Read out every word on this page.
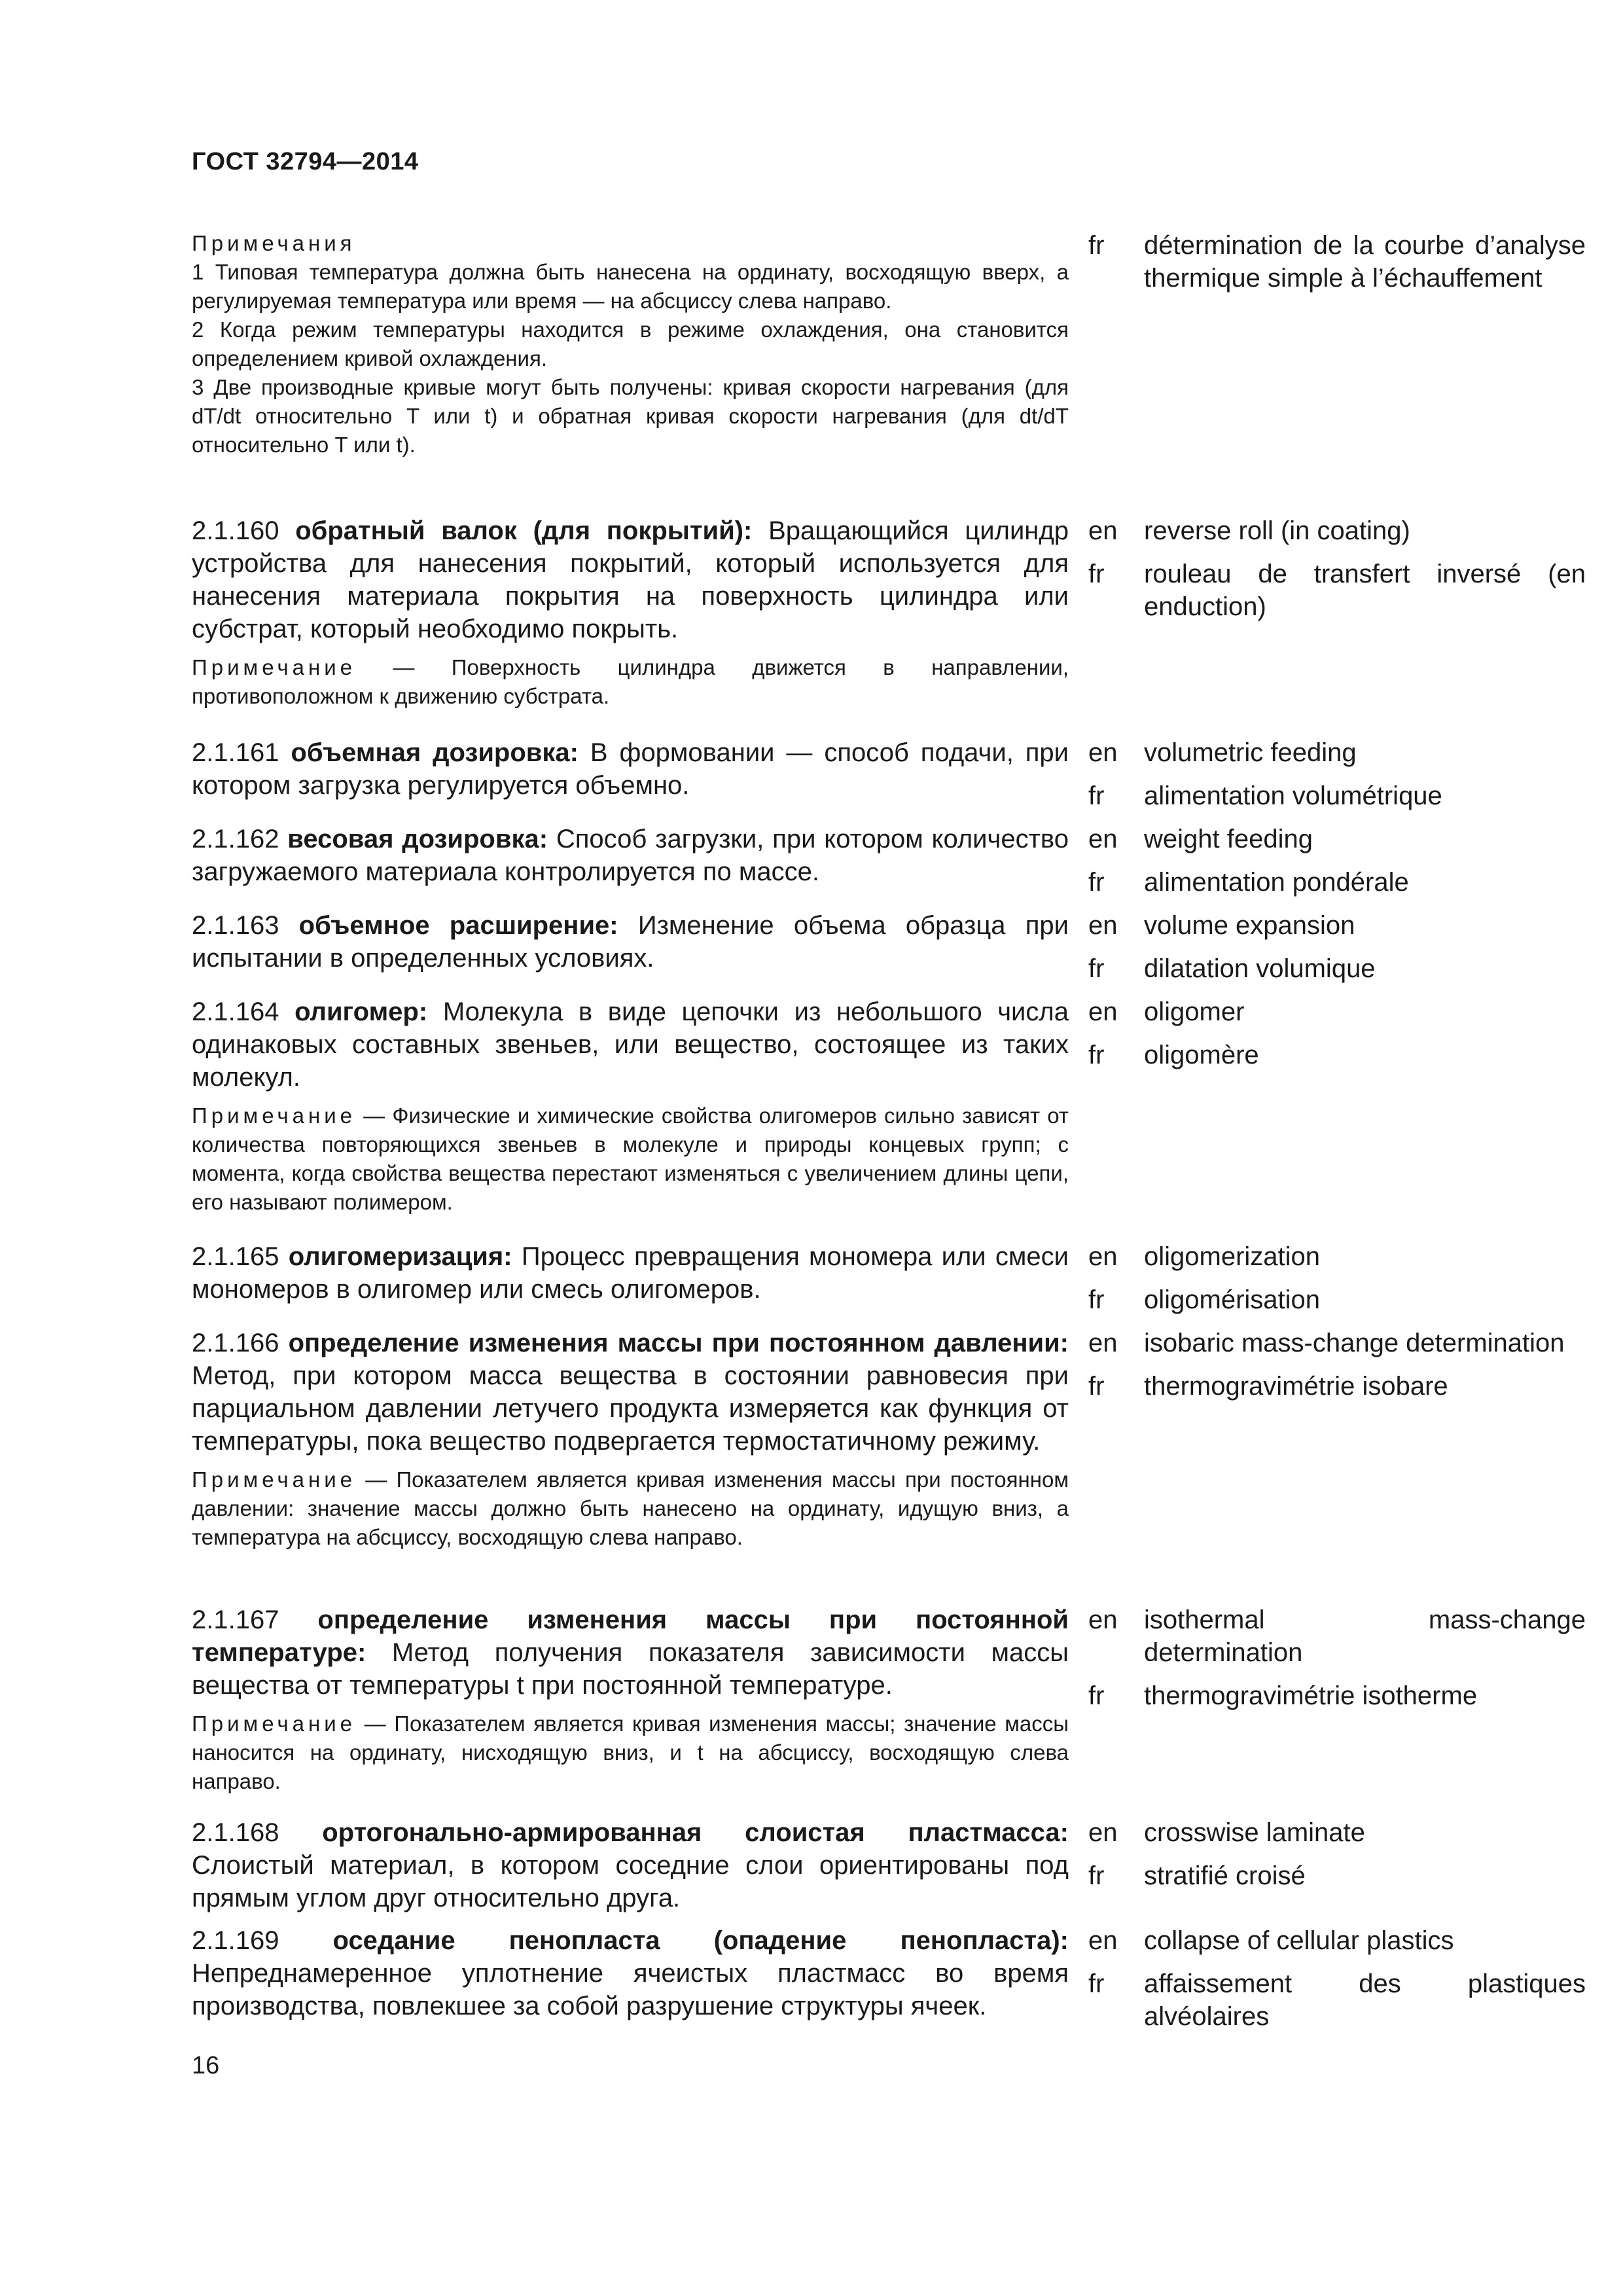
ГОСТ 32794—2014
Примечания
1 Типовая температура должна быть нанесена на ординату, восходящую вверх, а регулируемая температура или время — на абсциссу слева направо.
2 Когда режим температуры находится в режиме охлаждения, она становится определением кривой охлаждения.
3 Две производные кривые могут быть получены: кривая скорости нагревания (для dT/dt относительно T или t) и обратная кривая скорости нагревания (для dt/dT относительно T или t).
fr	détermination de la courbe d’analyse thermique simple à l’échauffement
2.1.160 обратный валок (для покрытий): Вращающийся цилиндр устройства для нанесения покрытий, который используется для нанесения материала покрытия на поверхность цилиндра или субстрат, который необходимо покрыть.
Примечание — Поверхность цилиндра движется в направлении, противоположном к движению субстрата.
en	reverse roll (in coating)
fr	rouleau de transfert inversé (en enduction)
2.1.161 объемная дозировка: В формовании — способ подачи, при котором загрузка регулируется объемно.
en	volumetric feeding
fr	alimentation volumétrique
2.1.162 весовая дозировка: Способ загрузки, при котором количество загружаемого материала контролируется по массе.
en	weight feeding
fr	alimentation pondérale
2.1.163 объемное расширение: Изменение объема образца при испытании в определенных условиях.
en	volume expansion
fr	dilatation volumique
2.1.164 олигомер: Молекула в виде цепочки из небольшого числа одинаковых составных звеньев, или вещество, состоящее из таких молекул.
Примечание — Физические и химические свойства олигомеров сильно зависят от количества повторяющихся звеньев в молекуле и природы концевых групп; с момента, когда свойства вещества перестают изменяться с увеличением длины цепи, его называют полимером.
en	oligomer
fr	oligomère
2.1.165 олигомеризация: Процесс превращения мономера или смеси мономеров в олигомер или смесь олигомеров.
en	oligomerization
fr	oligomérisation
2.1.166 определение изменения массы при постоянном давлении: Метод, при котором масса вещества в состоянии равновесия при парциальном давлении летучего продукта измеряется как функция от температуры, пока вещество подвергается термостатичному режиму.
Примечание — Показателем является кривая изменения массы при постоянном давлении: значение массы должно быть нанесено на ординату, идущую вниз, а температура на абсциссу, восходящую слева направо.
en	isobaric mass-change determination
fr	thermogravimétrie isobare
2.1.167 определение изменения массы при постоянной температуре: Метод получения показателя зависимости массы вещества от температуры t при постоянной температуре.
Примечание — Показателем является кривая изменения массы; значение массы наносится на ординату, нисходящую вниз, и t на абсциссу, восходящую слева направо.
en	isothermal mass-change determination
fr	thermogravimétrie isotherme
2.1.168 ортогонально-армированная слоистая пластмасса: Слоистый материал, в котором соседние слои ориентированы под прямым углом друг относительно друга.
en	crosswise laminate
fr	stratifié croisé
2.1.169 оседание пенопласта (опадение пенопласта): Непреднамеренное уплотнение ячеистых пластмасс во время производства, повлекшее за собой разрушение структуры ячеек.
en	collapse of cellular plastics
fr	affaissement des plastiques alvéolaires
16
